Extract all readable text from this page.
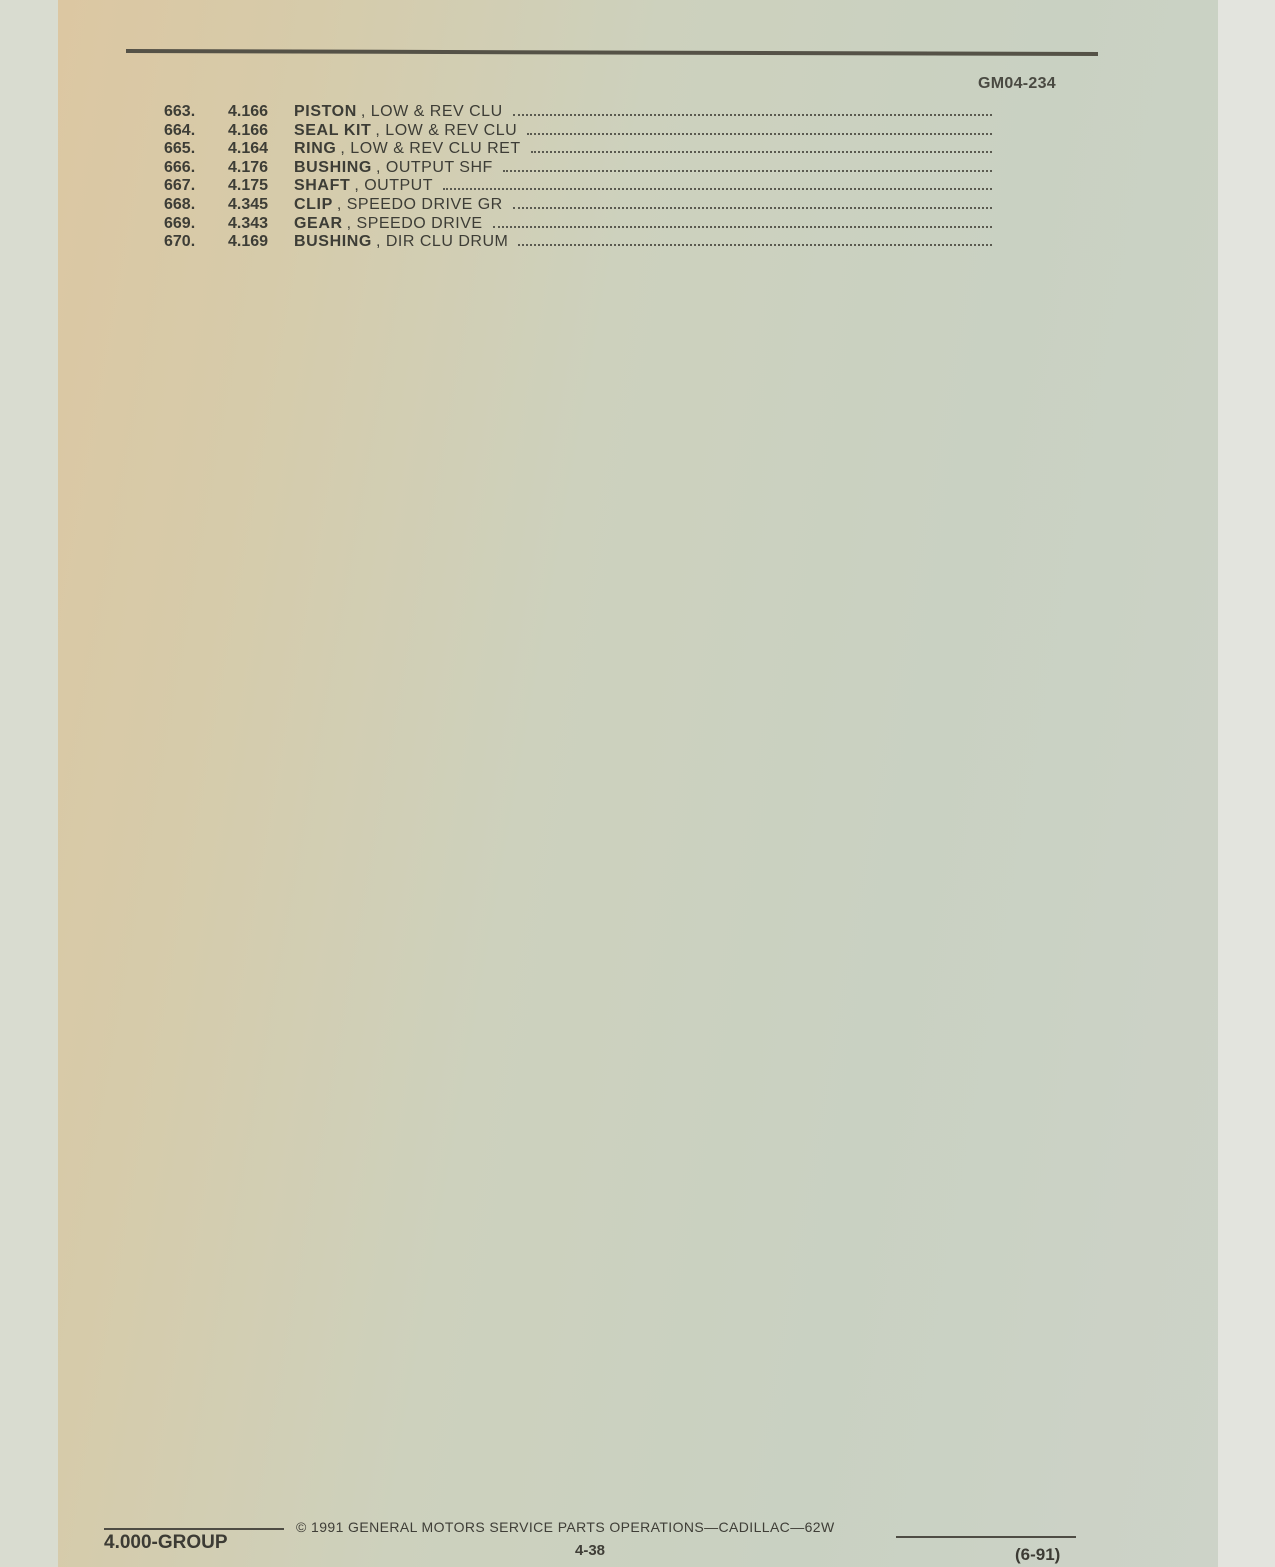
GM04-234
663. 4.166 PISTON , LOW & REV CLU
664. 4.166 SEAL KIT , LOW & REV CLU
665. 4.164 RING , LOW & REV CLU RET
666. 4.176 BUSHING , OUTPUT SHF
667. 4.175 SHAFT , OUTPUT
668. 4.345 CLIP , SPEEDO DRIVE GR
669. 4.343 GEAR , SPEEDO DRIVE
670. 4.169 BUSHING , DIR CLU DRUM
4.000-GROUP
© 1991 GENERAL MOTORS SERVICE PARTS OPERATIONS—CADILLAC—62W
4-38	(6-91)
